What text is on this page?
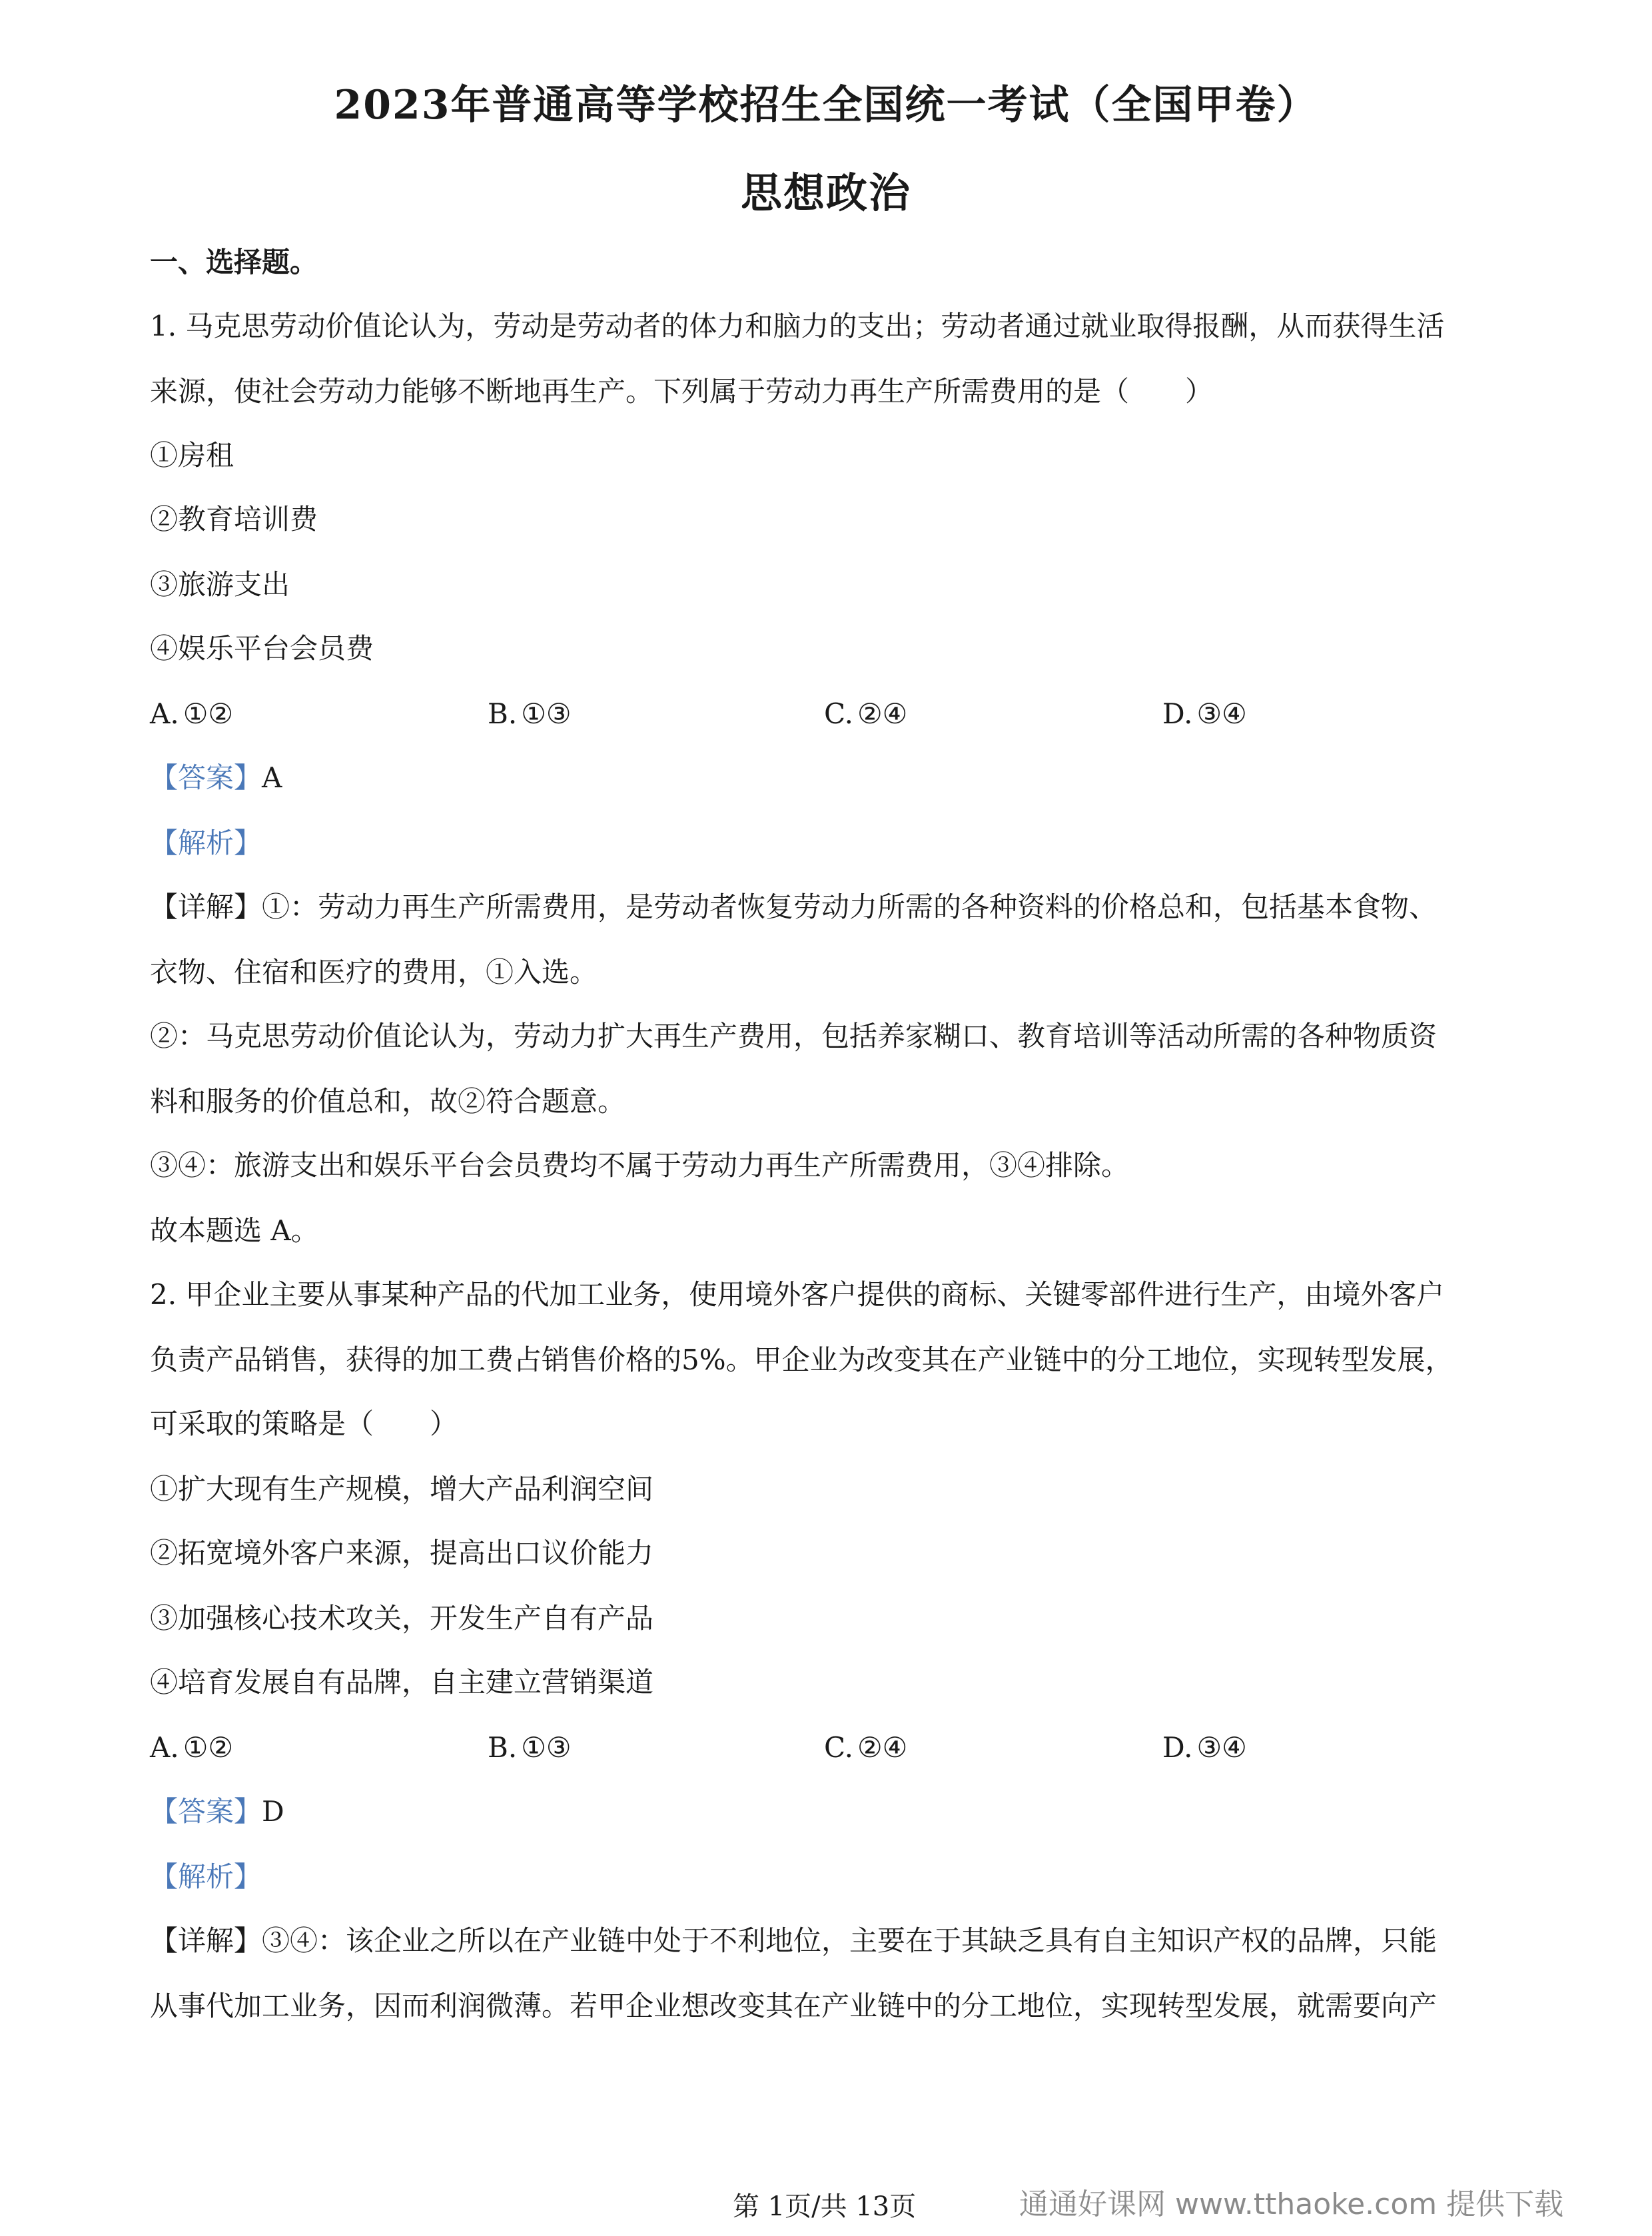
2023年普通高等学校招生全国统一考试（全国甲卷）
思想政治
一、选择题。
1. 马克思劳动价值论认为，劳动是劳动者的体力和脑力的支出；劳动者通过就业取得报酬，从而获得生活
来源，使社会劳动力能够不断地再生产。下列属于劳动力再生产所需费用的是（　　）
①房租
②教育培训费
③旅游支出
④娱乐平台会员费
A. ①②	B. ①③	C. ②④	D. ③④
【答案】A
【解析】
【详解】①：劳动力再生产所需费用，是劳动者恢复劳动力所需的各种资料的价格总和，包括基本食物、
衣物、住宿和医疗的费用，①入选。
②：马克思劳动价值论认为，劳动力扩大再生产费用，包括养家糊口、教育培训等活动所需的各种物质资
料和服务的价值总和，故②符合题意。
③④：旅游支出和娱乐平台会员费均不属于劳动力再生产所需费用，③④排除。
故本题选 A。
2. 甲企业主要从事某种产品的代加工业务，使用境外客户提供的商标、关键零部件进行生产，由境外客户
负责产品销售，获得的加工费占销售价格的5%。甲企业为改变其在产业链中的分工地位，实现转型发展，
可采取的策略是（　　）
①扩大现有生产规模，增大产品利润空间
②拓宽境外客户来源，提高出口议价能力
③加强核心技术攻关，开发生产自有产品
④培育发展自有品牌，自主建立营销渠道
A. ①②	B. ①③	C. ②④	D. ③④
【答案】D
【解析】
【详解】③④：该企业之所以在产业链中处于不利地位，主要在于其缺乏具有自主知识产权的品牌，只能
从事代加工业务，因而利润微薄。若甲企业想改变其在产业链中的分工地位，实现转型发展，就需要向产
第 1页/共 13页	通通好课网 www.tthaoke.com 提供下载
